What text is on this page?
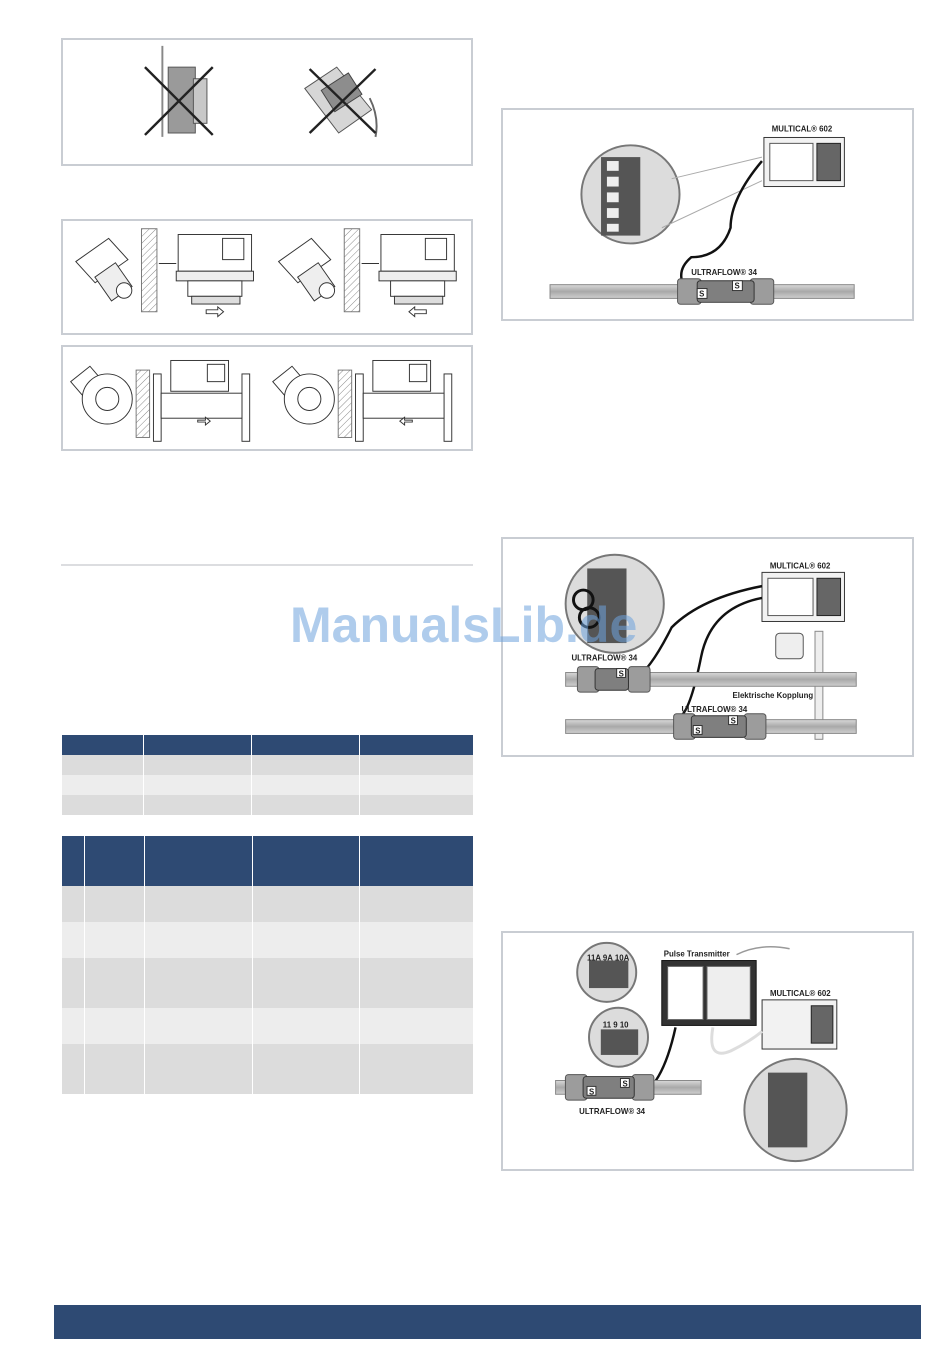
MULTICAL® 602
S
S
ULTRAFLOW® 34
MULTICAL® 602
S
ULTRAFLOW® 34
S
S
ULTRAFLOW® 34
Elektrische Kopplung
11A 9A 10A
11 9 10
Pulse Transmitter
MULTICAL® 602
S
S
ULTRAFLOW® 34
ManualsLib.de
